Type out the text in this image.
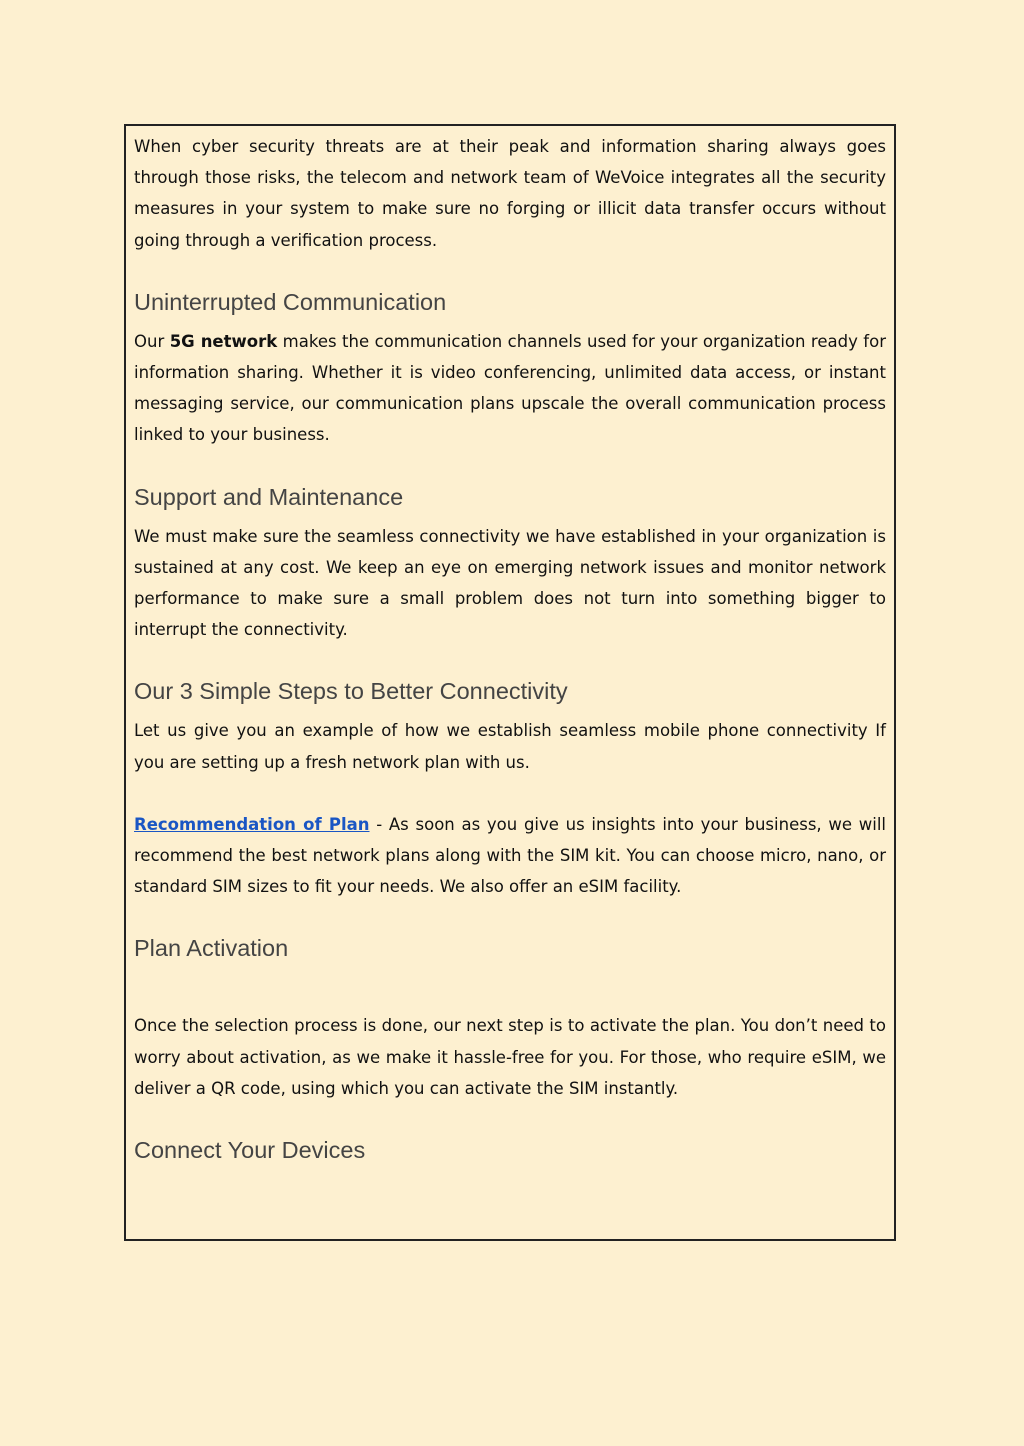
When cyber security threats are at their peak and information sharing always goes through those risks, the telecom and network team of WeVoice integrates all the security measures in your system to make sure no forging or illicit data transfer occurs without going through a verification process.

Uninterrupted Communication

Our 5G network makes the communication channels used for your organization ready for information sharing. Whether it is video conferencing, unlimited data access, or instant messaging service, our communication plans upscale the overall communication process linked to your business.

Support and Maintenance

We must make sure the seamless connectivity we have established in your organization is sustained at any cost. We keep an eye on emerging network issues and monitor network performance to make sure a small problem does not turn into something bigger to interrupt the connectivity.

Our 3 Simple Steps to Better Connectivity

Let us give you an example of how we establish seamless mobile phone connectivity If you are setting up a fresh network plan with us.

Recommendation of Plan - As soon as you give us insights into your business, we will recommend the best network plans along with the SIM kit. You can choose micro, nano, or standard SIM sizes to fit your needs. We also offer an eSIM facility.

Plan Activation

Once the selection process is done, our next step is to activate the plan. You don’t need to worry about activation, as we make it hassle-free for you. For those, who require eSIM, we deliver a QR code, using which you can activate the SIM instantly.

Connect Your Devices
